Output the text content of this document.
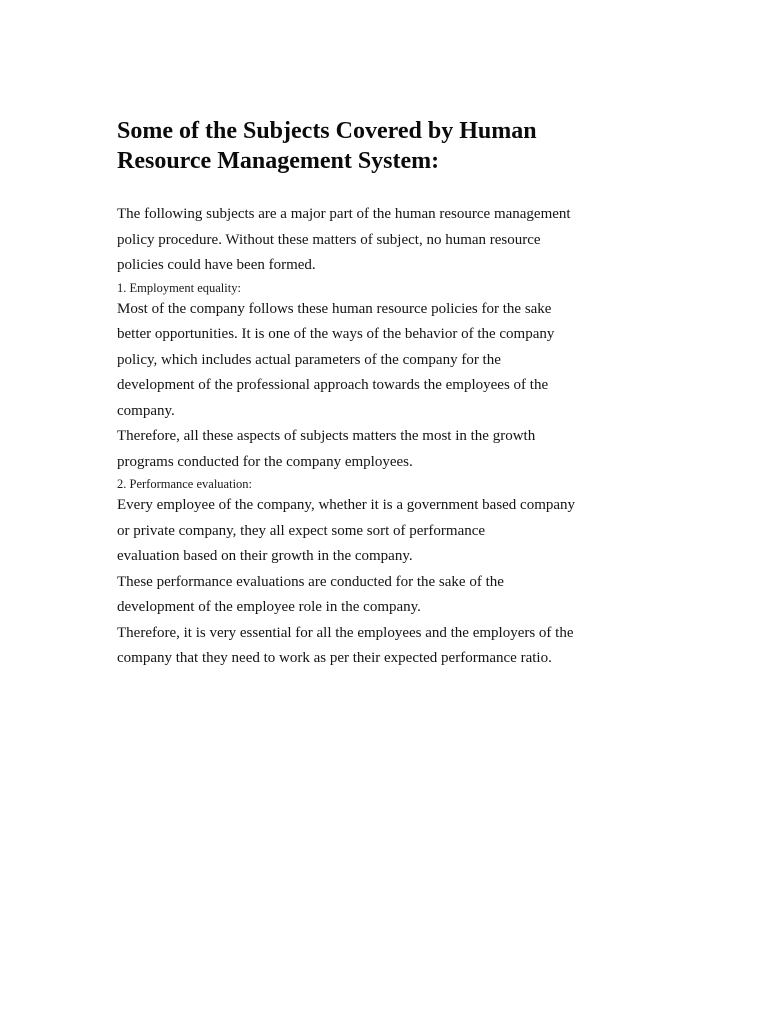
Some of the Subjects Covered by Human
Resource Management System:

The following subjects are a major part of the human resource management
policy procedure. Without these matters of subject, no human resource
policies could have been formed.

1. Employment equality:

Most of the company follows these human resource policies for the sake
better opportunities. It is one of the ways of the behavior of the company
policy, which includes actual parameters of the company for the
development of the professional approach towards the employees of the
company.

Therefore, all these aspects of subjects matters the most in the growth
programs conducted for the company employees.

2. Performance evaluation:

Every employee of the company, whether it is a government based company
or private company, they all expect some sort of performance
evaluation based on their growth in the company.

These performance evaluations are conducted for the sake of the
development of the employee role in the company.

Therefore, it is very essential for all the employees and the employers of the
company that they need to work as per their expected performance ratio.
